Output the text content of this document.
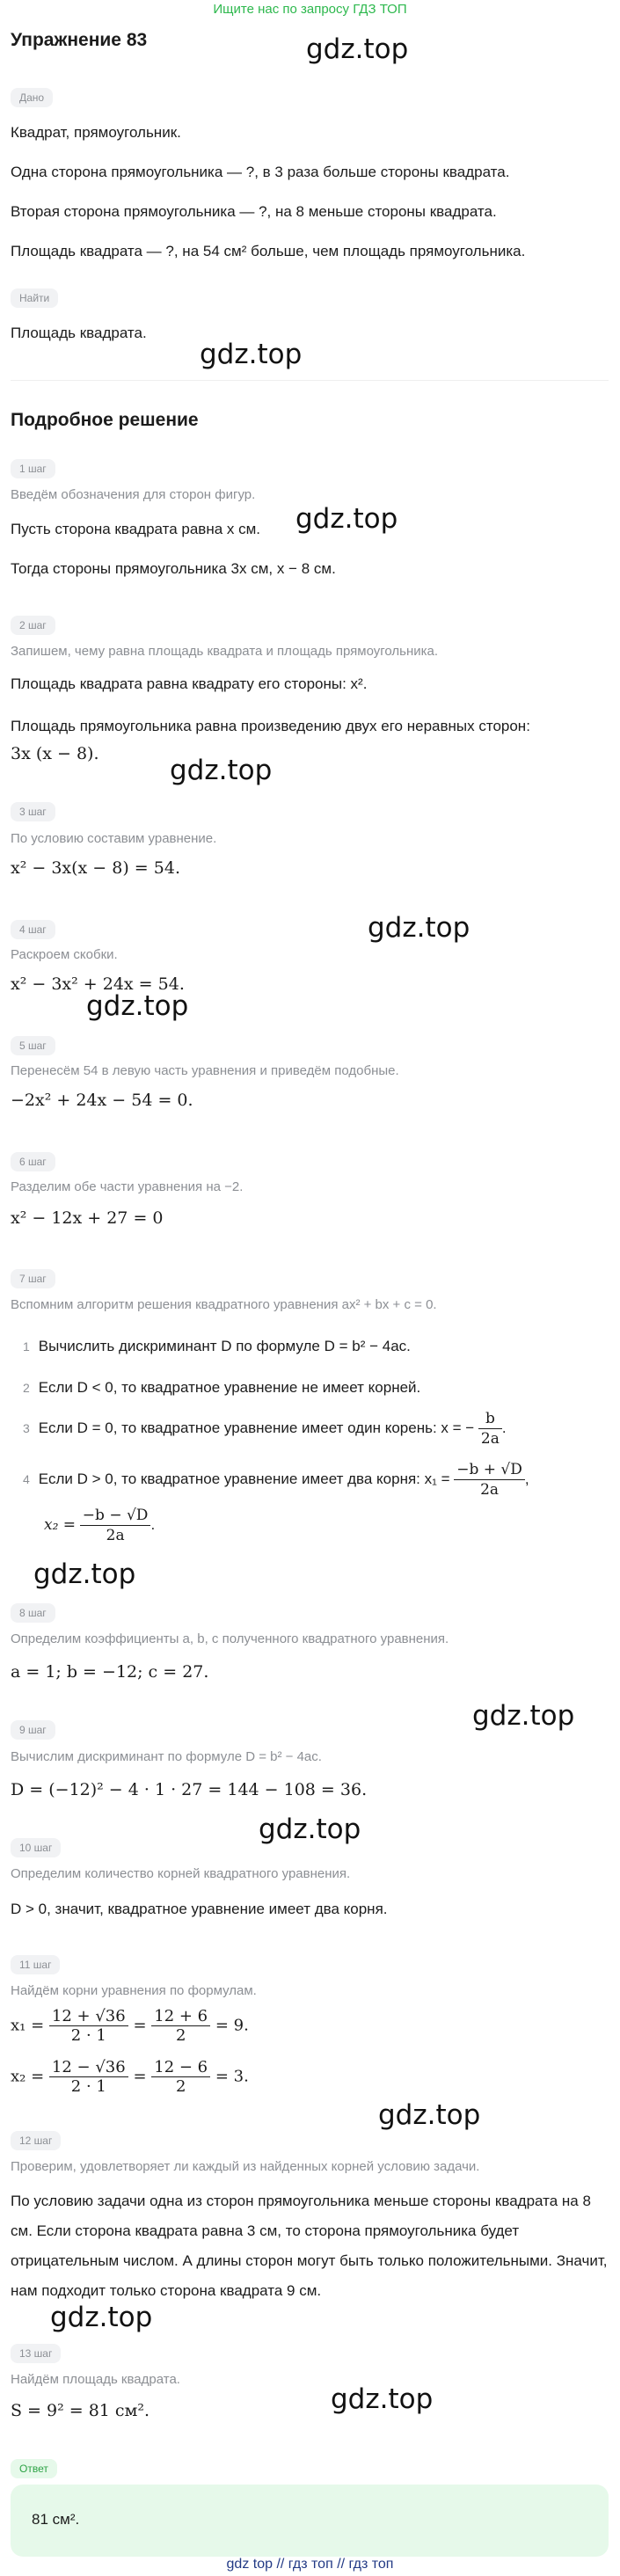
Ищите нас по запросу ГДЗ ТОП
Упражнение 83	gdz.top
gdz.top
gdz.top
gdz.top
gdz.top
gdz.top
gdz.top
gdz.top
gdz.top
gdz.top
gdz.top
gdz.top
Дано
Квадрат, прямоугольник.
Одна сторона прямоугольника — ?, в 3 раза больше стороны квадрата.
Вторая сторона прямоугольника — ?, на 8 меньше стороны квадрата.
Площадь квадрата — ?, на 54 см² больше, чем площадь прямоугольника.
Найти
Площадь квадрата.
Подробное решение
1 шаг
Введём обозначения для сторон фигур.
Пусть сторона квадрата равна x см.
Тогда стороны прямоугольника 3x см, x − 8 см.
2 шаг
Запишем, чему равна площадь квадрата и площадь прямоугольника.
Площадь квадрата равна квадрату его стороны: x².
Площадь прямоугольника равна произведению двух его неравных сторон:
3x (x − 8).
3 шаг
По условию составим уравнение.
x² − 3x(x − 8) = 54.
4 шаг
Раскроем скобки.
x² − 3x² + 24x = 54.
5 шаг
Перенесём 54 в левую часть уравнения и приведём подобные.
−2x² + 24x − 54 = 0.
6 шаг
Разделим обе части уравнения на −2.
x² − 12x + 27 = 0
7 шаг
Вспомним алгоритм решения квадратного уравнения ax² + bx + c = 0.
1 Вычислить дискриминант D по формуле D = b² − 4ac.
2 Если D < 0, то квадратное уравнение не имеет корней.
3 Если D = 0, то квадратное уравнение имеет один корень: x = − $\frac{b}{2a}$ .
4 Если D > 0, то квадратное уравнение имеет два корня: $x_1 = \frac{-b + √D}{2a}$ ,
$x_2 = \frac{-b - √D}{2a}$ .
8 шаг
Определим коэффициенты a, b, c полученного квадратного уравнения.
a = 1; b = −12; c = 27.
9 шаг
Вычислим дискриминант по формуле D = b² − 4ac.
D = (−12)² − 4 · 1 · 27 = 144 − 108 = 36.
10 шаг
Определим количество корней квадратного уравнения.
D > 0, значит, квадратное уравнение имеет два корня.
11 шаг
Найдём корни уравнения по формулам.
$x_1 = \frac{12 + √36}{2 \cdot 1} = \frac{12 + 6}{2} = 9$.
$x_2 = \frac{12 - √36}{2 \cdot 1} = \frac{12 - 6}{2} = 3$.
12 шаг
Проверим, удовлетворяет ли каждый из найденных корней условию задачи.
По условию задачи одна из сторон прямоугольника меньше стороны квадрата на 8 см. Если сторона квадрата равна 3 см, то сторона прямоугольника будет отрицательным числом. А длины сторон могут быть только положительными. Значит, нам подходит только сторона квадрата 9 см.
13 шаг
Найдём площадь квадрата.
S = 9² = 81 см².
Ответ
81 см².
gdz top // гдз топ // гдз топ
